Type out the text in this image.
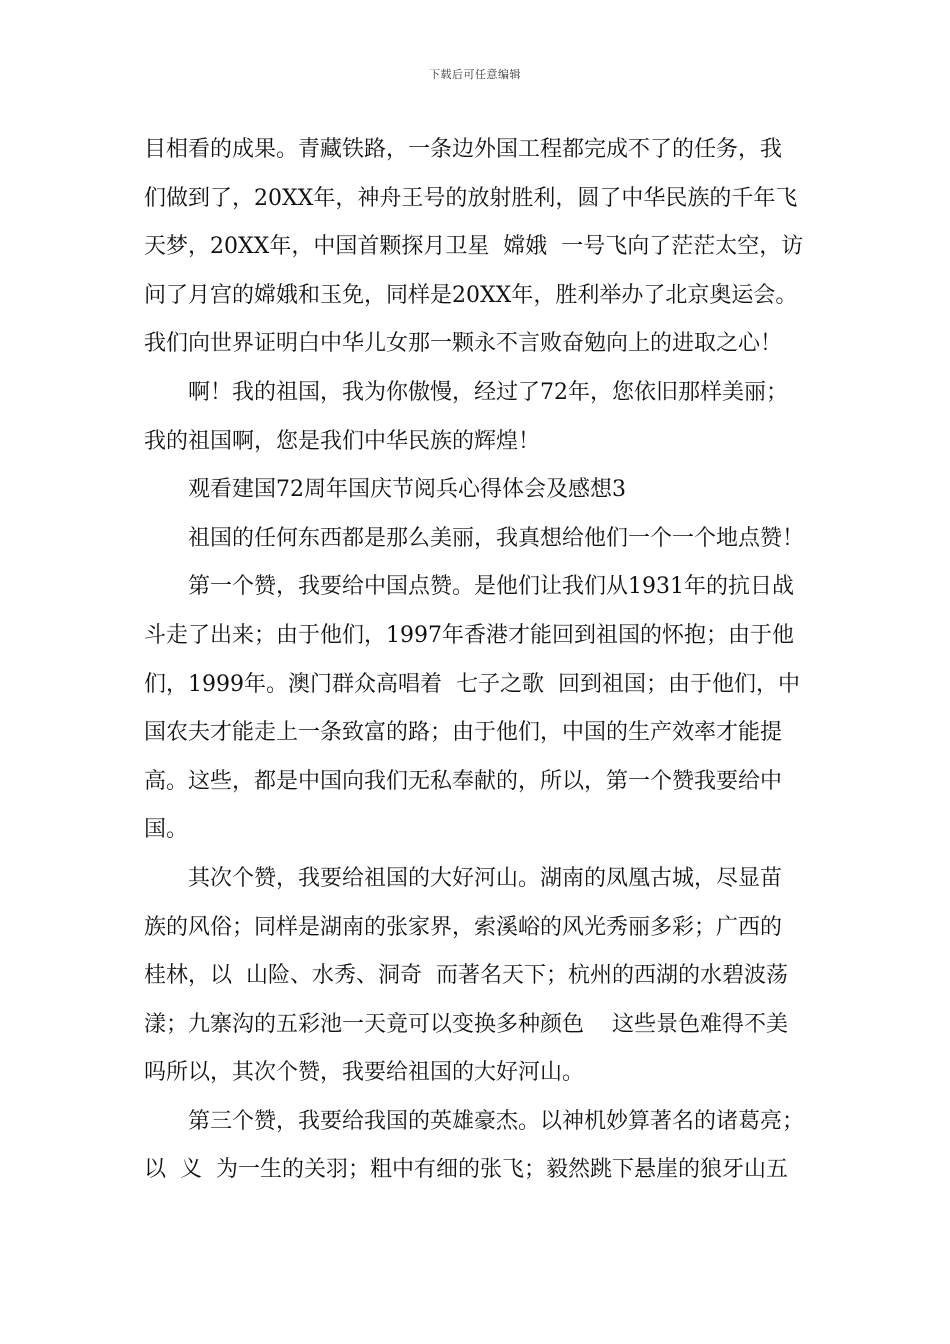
下载后可任意编辑
目相看的成果。青藏铁路，一条边外国工程都完成不了的任务，我
们做到了，20XX年，神舟王号的放射胜利，圆了中华民族的千年飞
天梦，20XX年，中国首颗探月卫星  嫦娥  一号飞向了茫茫太空，访
问了月宫的嫦娥和玉免，同样是20XX年，胜利举办了北京奥运会。
我们向世界证明白中华儿女那一颗永不言败奋勉向上的进取之心！
啊！我的祖国，我为你傲慢，经过了72年，您依旧那样美丽；
我的祖国啊，您是我们中华民族的辉煌！
观看建国72周年国庆节阅兵心得体会及感想3
祖国的任何东西都是那么美丽，我真想给他们一个一个地点赞！
第一个赞，我要给中国点赞。是他们让我们从1931年的抗日战
斗走了出来；由于他们，1997年香港才能回到祖国的怀抱；由于他
们，1999年。澳门群众高唱着  七子之歌  回到祖国；由于他们，中
国农夫才能走上一条致富的路；由于他们，中国的生产效率才能提
高。这些，都是中国向我们无私奉献的，所以，第一个赞我要给中
国。
其次个赞，我要给祖国的大好河山。湖南的凤凰古城，尽显苗
族的风俗；同样是湖南的张家界，索溪峪的风光秀丽多彩；广西的
桂林，以  山险、水秀、洞奇  而著名天下；杭州的西湖的水碧波荡
漾；九寨沟的五彩池一天竟可以变换多种颜色    这些景色难得不美
吗所以，其次个赞，我要给祖国的大好河山。
第三个赞，我要给我国的英雄豪杰。以神机妙算著名的诸葛亮；
以  义  为一生的关羽；粗中有细的张飞；毅然跳下悬崖的狼牙山五
